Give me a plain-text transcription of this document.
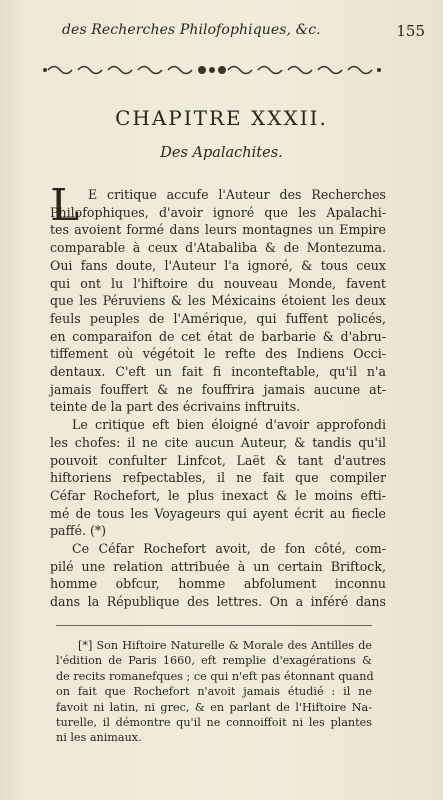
des Recherches Philofophiques, &c.	155
CHAPITRE XXXII.
Des Apalachites.
L E critique accufe l'Auteur des Recherches
Philofophiques, d'avoir ignoré que les Apalachi-
tes avoient formé dans leurs montagnes un Empire
comparable à ceux d'Atabaliba & de Montezuma.
Oui fans doute, l'Auteur l'a ignoré, & tous ceux
qui ont lu l'hiftoire du nouveau Monde, favent
que les Péruviens & les Méxicains étoient les deux
feuls peuples de l'Amérique, qui fuffent policés,
en comparaifon de cet état de barbarie & d'abru-
tiffement où végétoit le refte des Indiens Occi-
dentaux. C'eft un fait fi inconteftable, qu'il n'a
jamais fouffert & ne fouffrira jamais aucune at-
teinte de la part des écrivains inftruits.
Le critique eft bien éloigné d'avoir approfondi
les chofes: il ne cite aucun Auteur, & tandis qu'il
pouvoit confulter Linfcot, Laët & tant d'autres
hiftoriens refpectables, il ne fait que compiler
Céfar Rochefort, le plus inexact & le moins efti-
mé de tous les Voyageurs qui ayent écrit au fiecle
paffé. (*)
Ce Céfar Rochefort avoit, de fon côté, com-
pilé une relation attribuée à un certain Briftock,
homme obfcur, homme abfolument inconnu
dans la République des lettres. On a inféré dans
[*] Son Hiftoire Naturelle & Morale des Antilles de
l'édition de Paris 1660, eft remplie d'exagérations &
de recits romanefques ; ce qui n'eft pas étonnant quand
on fait que Rochefort n'avoit jamais étudié : il ne
favoit ni latin, ni grec, & en parlant de l'Hiftoire Na-
turelle, il démontre qu'il ne connoiffoit ni les plantes
ni les animaux.
